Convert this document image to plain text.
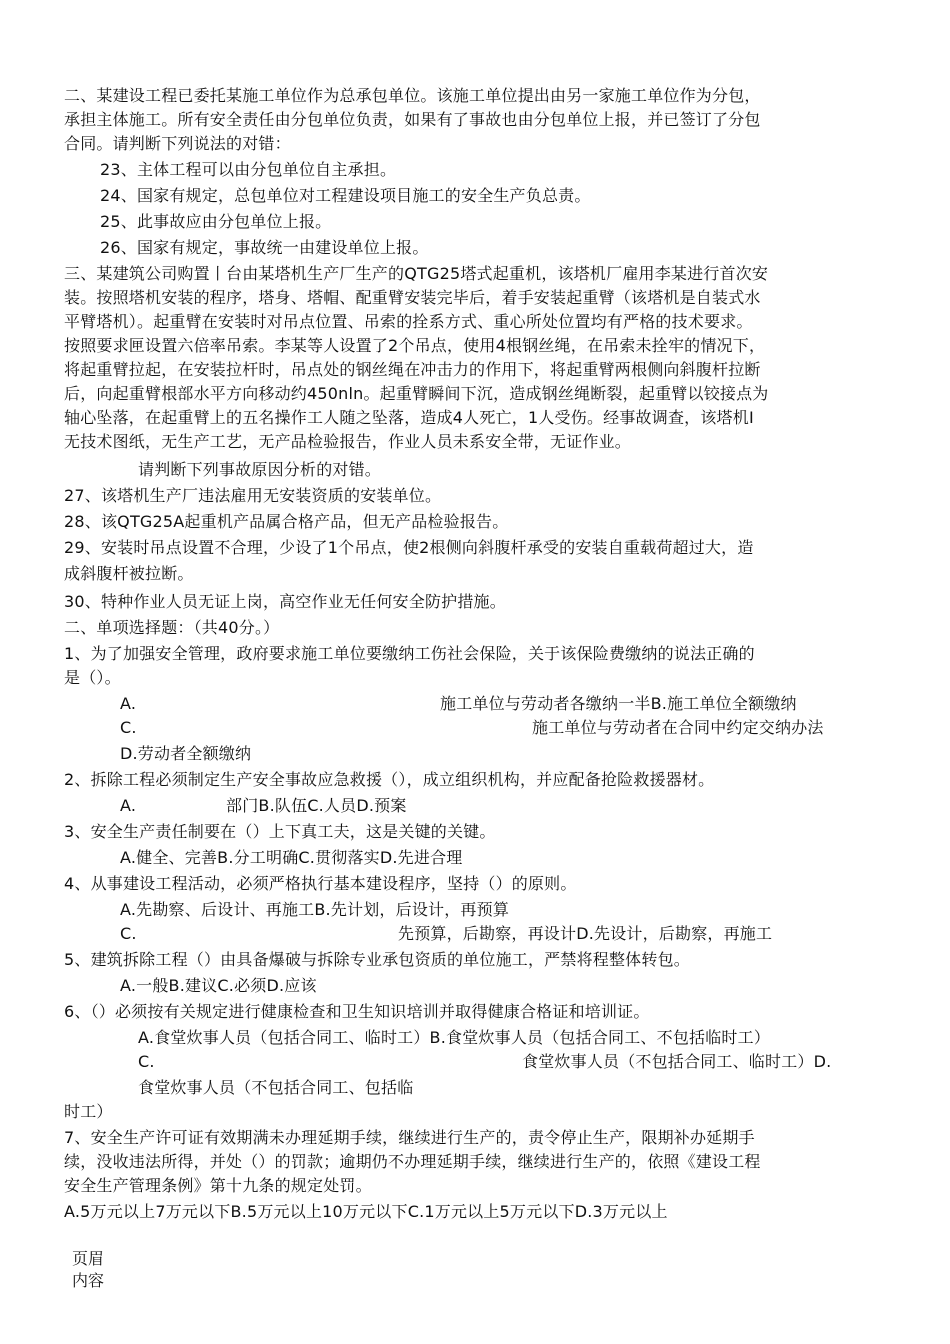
二、某建设工程已委托某施工单位作为总承包单位。该施工单位提出由另一家施工单位作为分包，
承担主体施工。所有安全责任由分包单位负责，如果有了事故也由分包单位上报，并已签订了分包
合同。请判断下列说法的对错：
23、主体工程可以由分包单位自主承担。
24、国家有规定，总包单位对工程建设项目施工的安全生产负总责。
25、此事故应由分包单位上报。
26、国家有规定，事故统一由建设单位上报。
三、某建筑公司购置丨台由某塔机生产厂生产的QTG25塔式起重机，该塔机厂雇用李某进行首次安
装。按照塔机安装的程序，塔身、塔帽、配重臂安装完毕后，着手安装起重臂（该塔机是自装式水
平臂塔机）。起重臂在安装时对吊点位置、吊索的拴系方式、重心所处位置均有严格的技术要求。
按照要求匣设置六倍率吊索。李某等人设置了2个吊点，使用4根钢丝绳，在吊索未拴牢的情况下，
将起重臂拉起，在安装拉杆时，吊点处的钢丝绳在冲击力的作用下，将起重臂两根侧向斜腹杆拉断
后，向起重臂根部水平方向移动约450nln。起重臂瞬间下沉，造成钢丝绳断裂，起重臂以铰接点为
轴心坠落，在起重臂上的五名操作工人随之坠落，造成4人死亡，1人受伤。经事故调查，该塔机I
无技术图纸，无生产工艺，无产品检验报告，作业人员未系安全带，无证作业。
请判断下列事故原因分析的对错。
27、该塔机生产厂违法雇用无安装资质的安装单位。
28、该QTG25A起重机产品属合格产品，但无产品检验报告。
29、安装时吊点设置不合理，少设了1个吊点，使2根侧向斜腹杆承受的安装自重载荷超过大，造
成斜腹杆被拉断。
30、特种作业人员无证上岗，高空作业无任何安全防护措施。
二、单项选择题：（共40分。）
1、为了加强安全管理，政府要求施工单位要缴纳工伤社会保险，关于该保险费缴纳的说法正确的
是（）。
A.	施工单位与劳动者各缴纳一半B.施工单位全额缴纳
C.	施工单位与劳动者在合同中约定交纳办法
D.劳动者全额缴纳
2、拆除工程必须制定生产安全事故应急救援（），成立组织机构，并应配备抢险救援器材。
A.	部门B.队伍C.人员D.预案
3、安全生产责任制要在（）上下真工夫，这是关键的关键。
A.健全、完善B.分工明确C.贯彻落实D.先进合理
4、从事建设工程活动，必须严格执行基本建设程序，坚持（）的原则。
A.先勘察、后设计、再施工B.先计划，后设计，再预算
C.	先预算，后勘察，再设计D.先设计，后勘察，再施工
5、建筑拆除工程（）由具备爆破与拆除专业承包资质的单位施工，严禁将程整体转包。
A.一般B.建议C.必须D.应该
6、（）必须按有关规定进行健康检查和卫生知识培训并取得健康合格证和培训证。
A.食堂炊事人员（包括合同工、临时工）B.食堂炊事人员（包括合同工、不包括临时工）
C.	食堂炊事人员（不包括合同工、临时工）D.
食堂炊事人员（不包括合同工、包括临
时工）
7、安全生产许可证有效期满未办理延期手续，继续进行生产的，责令停止生产，限期补办延期手
续，没收违法所得，并处（）的罚款；逾期仍不办理延期手续，继续进行生产的，依照《建设工程
安全生产管理条例》第十九条的规定处罚。
A.5万元以上7万元以下B.5万元以上10万元以下C.1万元以上5万元以下D.3万元以上
页眉
内容
